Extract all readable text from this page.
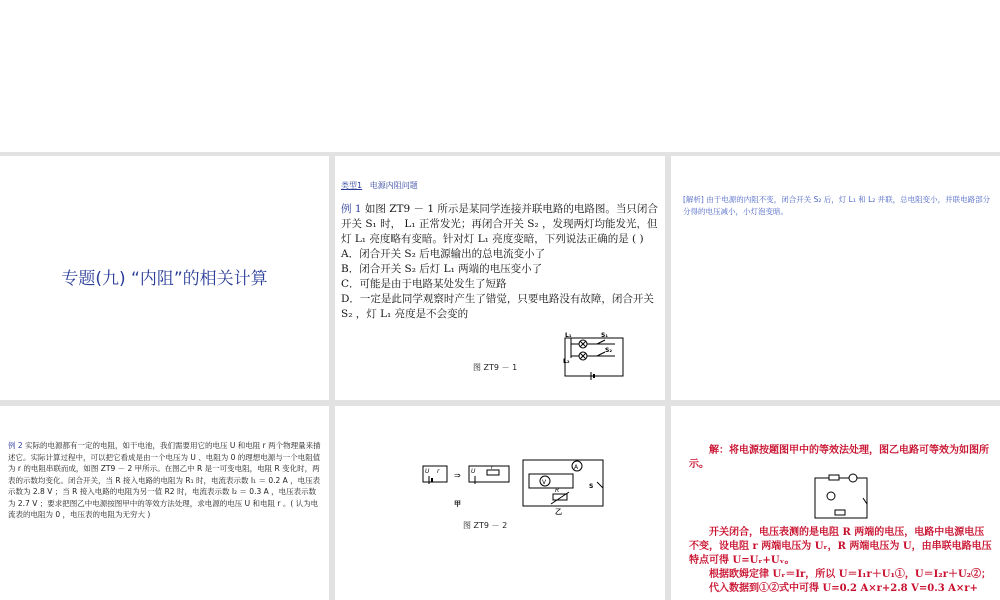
专题(九) “内阻”的相关计算
类型1 电源内阻问题

例 1 如图 ZT9 － 1 所示是某同学连接并联电路的电路图。当只闭合开关 S₁ 时， L₁ 正常发光；再闭合开关 S₂ ，发现两灯均能发光，但灯 L₁ 亮度略有变暗。针对灯 L₁ 亮度变暗，下列说法正确的是 ( )

A．闭合开关 S₂ 后电源输出的总电流变小了

B．闭合开关 S₂ 后灯 L₁ 两端的电压变小了

C．可能是由于电路某处发生了短路

D．一定是此同学观察时产生了错觉，只要电路没有故障，闭合开关 S₂ ，灯 L₁ 亮度是不会变的

L₁
L₂
S₁
S₂
图 ZT9 － 1
[解析] 由于电源的内阻不变，闭合开关 S₂ 后，灯 L₁ 和 L₂ 并联，总电阻变小，并联电路部分分得的电压减小，小灯泡变暗。
例 2 实际的电源都有一定的电阻，如干电池，我们需要用它的电压 U 和电阻 r 两个物理量来描述它。实际计算过程中，可以把它看成是由一个电压为 U 、电阻为 0 的理想电源与一个电阻值为 r 的电阻串联而成，如图 ZT9 － 2 甲所示。在图乙中 R 是一可变电阻，电阻 R 变化时，两表的示数均变化。闭合开关，当 R 接入电路的电阻为 R₁ 时，电流表示数 I₁ ＝ 0.2 A ，电压表示数为 2.8 V ；当 R 接入电路的电阻为另一值 R2 时，电流表示数 I₂ ＝ 0.3 A ，电压表示数为 2.7 V ；要求把图乙中电源按图甲中的等效方法处理，求电源的电压 U 和电阻 r 。( 认为电流表的电阻为 0 ，电压表的电阻为无穷大 )
U r ⇒ U
r
甲
A
V
R
S
乙
图 ZT9 － 2

解：将电源按题图甲中的等效法处理，图乙电路可等效为如图所示。

开关闭合，电压表测的是电阻 R 两端的电压，电路中电源电压不变，设电阻 r 两端电压为 Uᵣ，R 两端电压为 U，由串联电路电压特点可得 U=Uᵣ+Uᵥ。

根据欧姆定律 Uᵣ＝Ir，所以 U＝I₁r＋U₁①，U＝I₂r＋U₂②；

代入数据到①②式中可得 U=0.2 A×r+2.8 V=0.3 A×r+
